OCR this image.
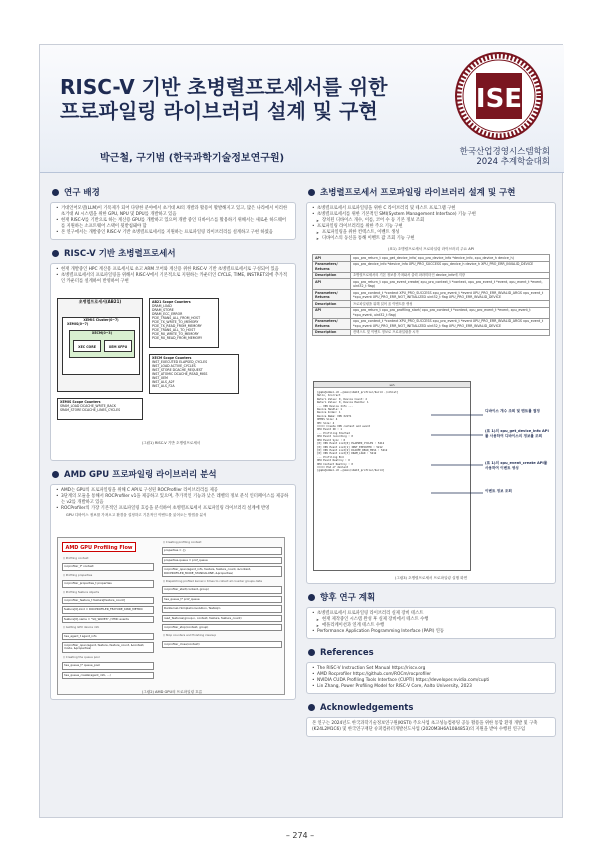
RISC-V 기반 초병렬프로세서를 위한
프로파일링 라이브러리 설계 및 구현
박근철, 구기범 (한국과학기술정보연구원)
한국산업경영시스템학회
2024 추계학술대회
ISE
연구 배경
• 거대언어모델(LLM)이 기폭제가 되어 다양한 분야에서 초거대 AI의 개발과 활용이 활발해지고 있고, 많은 나라에서 이러한 초거대 AI 시스템을 위한 GPU, NPU 및 DPU를 개발하고 있음
• 현재 RISC-V를 기반으로 하는 계산용 GPU를 개발하고 있으며 개발 중인 디바이스를 활용하기 위해서는 새로운 하드웨어를 지원하는 소프트웨어 스택이 뒷받침돼야 함
• 본 연구에서는 개발중인 RISC-V 기반 초병렬프로세서를 지원하는 프로파일링 라이브러리를 설계하고 구현 하였음
RISC-V 기반 초병렬프로세서
• 현재 개발중인 HPC 계산용 프로세서로 초고 ARM 코어와 계산용 위한 RISC-V 기반 초병렬프로세서로 구성되어 있음
• 초병렬프로세서의 프로파일링을 위해서 RISC-V에서 기본적으로 지원하는 카운터인 CYCLE, TIME, INSTRET외에 추가적인 카운터를 설계하여 반영하여 구현
초병렬프로세서(AB21)
XEMIS Cluster(0~7)
XEMIS(0~7)
XECM(0~3)
XEC CORE	XEM XFPU
AB21 Scope Counters
DRAM_LOAD
DRAM_STORE
DRAM_ECC_ERROR
PCIE_TRANS_ALL_FROM_HOST
PCIE_TX_WRITE_TO_MEMORY
PCIE_TX_READ_FROM_MEMORY
PCIE_TRANS_ALL_TO_HOST
PCIE_RX_WRITE_TO_MEMORY
PCIE_RX_READ_FROM_MEMORY
XECM Scope Counters
INST_EXECUTED ELAPSED_CYCLES
INST_LOAD ACTIVE_CYCLES
INST_STORE DCACHE_REQUEST
INST_ATOMIC DCACHE_READ_MISS
INST_XEM
INST_ALS_A2F
INST_ALS_F2A
XEMIS Scope Counters
SRAM_LOAD DCACHE_WRITE_BACK
SRAM_STORE DCACHE_LINES_CYCLES
(그림1) RISC-V 기반 초병렬프로세서
AMD GPU 프로파일링 라이브러리 분석
• AMD는 GPU의 프로파일링을 위해 C API로 구성된 ROCProfiler 라이브러리를 제공
• 3단계의 모듈을 통해서 ROCProfiler v1을 제공하고 있으며, 추가적인 기능과 낮은 레벨의 정보 분석 인터페이스를 제공하는 v2를 개발하고 있음
• ROCProfiler의 가장 기본적인 프로파일링 흐름을 분석하여 초병렬프로세서 프로파일링 라이브러리 설계에 반영
GPU 디바이스 정보를 가져오고 환경을 설정하고 기본적인 이벤트를 읽어오는 방법을 분석
AMD GPU Profiling Flow
// Profiling context
rocprofiler_t* context
// Profiling properties
rocprofiler_properties_t properties
// Profiling feature objects
rocprofiler_feature_t feature[feature_count]
feature[0].kind = ROCPROFILER_FEATURE_KIND_METRIC
feature[0].name = "SQ_WAVES" // PMC events
// Getting GPU device info
hsa_agent_t agent_info
rocprofiler_open(agent, feature, feature_count, &context, mode, &properties)
// Creating the queue pool
hsa_queue_t* queue_pool
hsa_queue_create(agent_info, ...)
// Creating profiling context
properties = {}
properties.queue = prof_queue
rocprofiler_open(agent_info, feature, feature_count, &context, ROCPROFILER_MODE_STANDALONE, &properties)
// Dispatching profiled kernel n times to collect all counter groups data
rocprofiler_start(context, group)
hsa_queue_t* prof_queue
RunKernel<SimpleConvolution, TestAql>
read_features(group.n, context, feature, feature_count)
rocprofiler_stop(context, group)
// Stop counters and finishing cleanup
rocprofiler_close(context)
(그림2) AMD GPU의 프로파일링 흐름
초병렬프로세서 프로파일링 라이브러리 설계 및 구현
• 초병렬프로세서 프로파일링을 위한 C 라이브러리 및 테스트 프로그램 구현
• 초병렬프로세서를 위한 기본적인 SMI(System Management Interface) 기능 구현
➤ 장치된 디바이스 개수, 이름, 코어 수 등 기본 정보 조회
• 프로파일링 라이브러리를 위한 주요 기능 구현
➤ 프로파일링을 위한 컨텍스트, 이벤트 생성
➤ 디바이스의 동신을 통해 이벤트 값 조회 기능 구현
(표1) 초병렬프로세서 프로파일링 라이브러리 주요 API
API	xpu_pro_return_t xpu_get_device_info( xpu_pro_device_info *device_info, xpu_device_h device_h)
Parameters/ Returns	xpu_pro_device_info *device_info XPU_PRO_SUCCESS xpu_device_h device_h XPU_PRO_ERR_INVALID_DEVICE
Description	초병렬프로세서의 기본 정보를 가져와서 출력 파라미터인 device_info에 저장
API	xpu_pro_return_t xpu_pro_event_create( xpu_pro_context_t *context, xpu_pro_event_t *event, xpu_event_t *event, uint32_t flag)
Parameters/ Returns	xpu_pro_context_t *context XPU_PRO_SUCCESS xpu_pro_event_t *event XPU_PRO_ERR_INVALID_ARGS xpu_event_t *xpu_event XPU_PRO_ERR_NOT_INITIALIZED uint32_t flag XPU_PRO_ERR_INVALID_DEVICE
Description	프로파일링을 위해 읽어 올 이벤트를 생성
API	xpu_pro_return_t xpu_pro_profiling_start( xpu_pro_context_t *context, xpu_pro_event_t *event, xpu_event_t *xpu_event, uint32_t flag)
Parameters/ Returns	xpu_pro_context_t *context XPU_PRO_SUCCESS xpu_pro_event_t *event XPU_PRO_ERR_INVALID_ARGS xpu_event_t *xpu_event XPU_PRO_ERR_NOT_INITIALIZED uint32_t flag XPU_PRO_ERR_INVALID_DEVICE
Description	컨텍스트 및 이벤트 정보로 프로파일링을 시작
ssh
[gqmn@xdmsl-c0 ~/pmon/xbm15_profiler/build ./xdlist]
Hello, Xcorrect
Return Value: 0, Device Count: 2
Return Value: 0, Device Handle: 1
--- XPU Device Info ---
Device Handle: 1
Device Index: 1
Device Name: XPU X21T1
XEMIS Size: 4
XEC Size: 4
===== Create XPU context and event
XPU Event ID : 1
--- Profiling Started
XPU Event recording : 0
XPU Event Sync : 0
[0] XPU Event List[0] ELAPSED_CYCLES : 5212
[0] XPU Event List[1] INST_EXECUTED : 5212
[0] XPU Event List[2] DCACHE_READ_MISS : 5212
[0] XPU Event List[3] DRAM_LOAD : 5212
--- Profiling End
XPU Event Destroy : 0
XPU Context Destroy : 0
===== End of dallent
[gqmn@xdmsl-c0 ~/pmon/xbm15_profiler/build]
디바이스 개수 조회 및 멘트를 결정
(표 1)의 xpu_get_device_info API를 사용하여 디바이스의 정보를 조회
(표 1)의 xpu_event_create API를 사용하여 이벤트 생성
이벤트 정보 조회
(그림3) 초병렬프로세서 프로파일링 실행 화면
향후 연구 계획
• 초병렬프로세서 프로파일링 라이브러리 실제 장비 테스트
➤ 현재 제작중인 시스템 완성 후 실제 장비에서 테스트 수행
➤ 애플리케이션과 연계 테스트 수행
• Performance Application Programming Interface (PAPI) 연동
References
• The RISC-V Instruction Set Manual https://riscv.org
• AMD Rocprofiler https://github.com/ROCm/rocprofiler
• NVIDIA CUDA Profiling Tools Interface (CUPTI) https://developer.nvidia.com/cupti
• Lin Zhang, Power Profiling Model for RISC-V Core, Aalto University, 2023
Acknowledgements
본 연구는 2024년도 한국과학기술정보연구원(KISTI) 주요사업 초고성능컴퓨팅 공동 활용을 위한 통합 환경 개발 및 구축 (K24L2M1C6) 및 한국연구재단 슈퍼컴퓨터개발선도사업 (2020M3H6A1084853)의 지원을 받아 수행된 연구임
– 274 –
